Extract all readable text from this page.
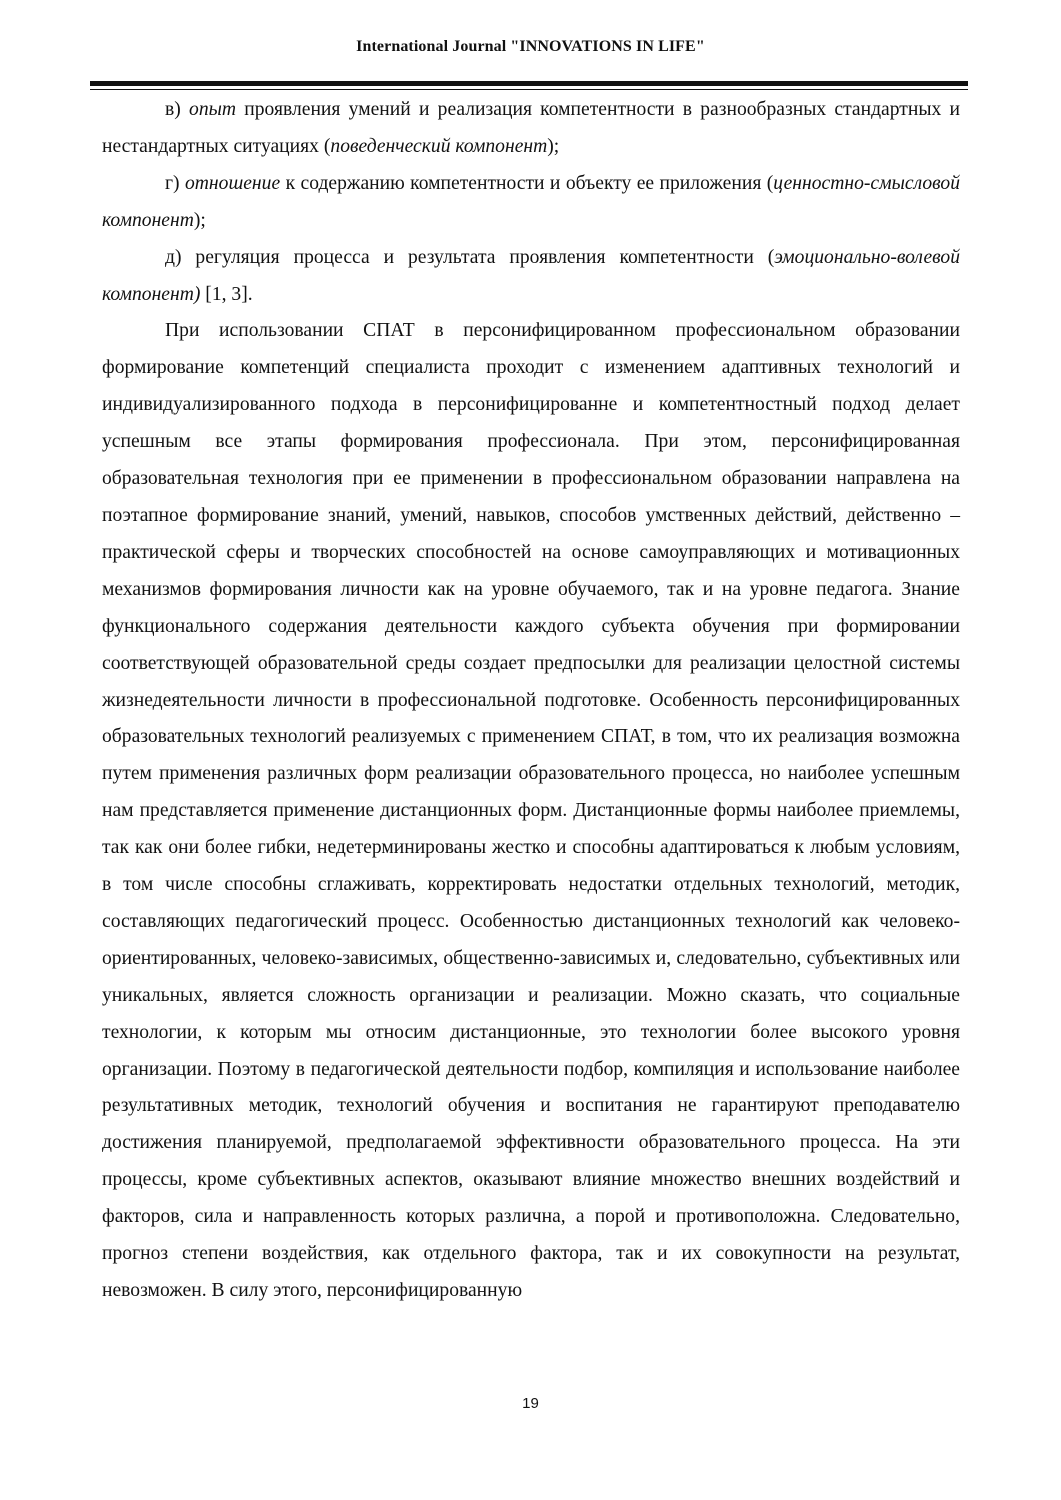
International Journal "INNOVATIONS IN LIFE"

в) опыт проявления умений и реализация компетентности в разнообразных стандартных и нестандартных ситуациях (поведенческий компонент);

г) отношение к содержанию компетентности и объекту ее приложения (ценностно-смысловой компонент);

д) регуляция процесса и результата проявления компетентности (эмоционально-волевой компонент) [1, 3].

При использовании СПАТ в персонифицированном профессиональном образовании формирование компетенций специалиста проходит с изменением адаптивных технологий и индивидуализированного подхода в персонифицированне и компетентностный подход делает успешным все этапы формирования профессионала. При этом, персонифицированная образовательная технология при ее применении в профессиональном образовании направлена на поэтапное формирование знаний, умений, навыков, способов умственных действий, действенно – практической сферы и творческих способностей на основе самоуправляющих и мотивационных механизмов формирования личности как на уровне обучаемого, так и на уровне педагога. Знание функционального содержания деятельности каждого субъекта обучения при формировании соответствующей образовательной среды создает предпосылки для реализации целостной системы жизнедеятельности личности в профессиональной подготовке. Особенность персонифицированных образовательных технологий реализуемых с применением СПАТ, в том, что их реализация возможна путем применения различных форм реализации образовательного процесса, но наиболее успешным нам представляется применение дистанционных форм. Дистанционные формы наиболее приемлемы, так как они более гибки, недетерминированы жестко и способны адаптироваться к любым условиям, в том числе способны сглаживать, корректировать недостатки отдельных технологий, методик, составляющих педагогический процесс. Особенностью дистанционных технологий как человеко-ориентированных, человеко-зависимых, общественно-зависимых и, следовательно, субъективных или уникальных, является сложность организации и реализации. Можно сказать, что социальные технологии, к которым мы относим дистанционные, это технологии более высокого уровня организации. Поэтому в педагогической деятельности подбор, компиляция и использование наиболее результативных методик, технологий обучения и воспитания не гарантируют преподавателю достижения планируемой, предполагаемой эффективности образовательного процесса. На эти процессы, кроме субъективных аспектов, оказывают влияние множество внешних воздействий и факторов, сила и направленность которых различна, а порой и противоположна. Следовательно, прогноз степени воздействия, как отдельного фактора, так и их совокупности на результат, невозможен. В силу этого, персонифицированную

19
